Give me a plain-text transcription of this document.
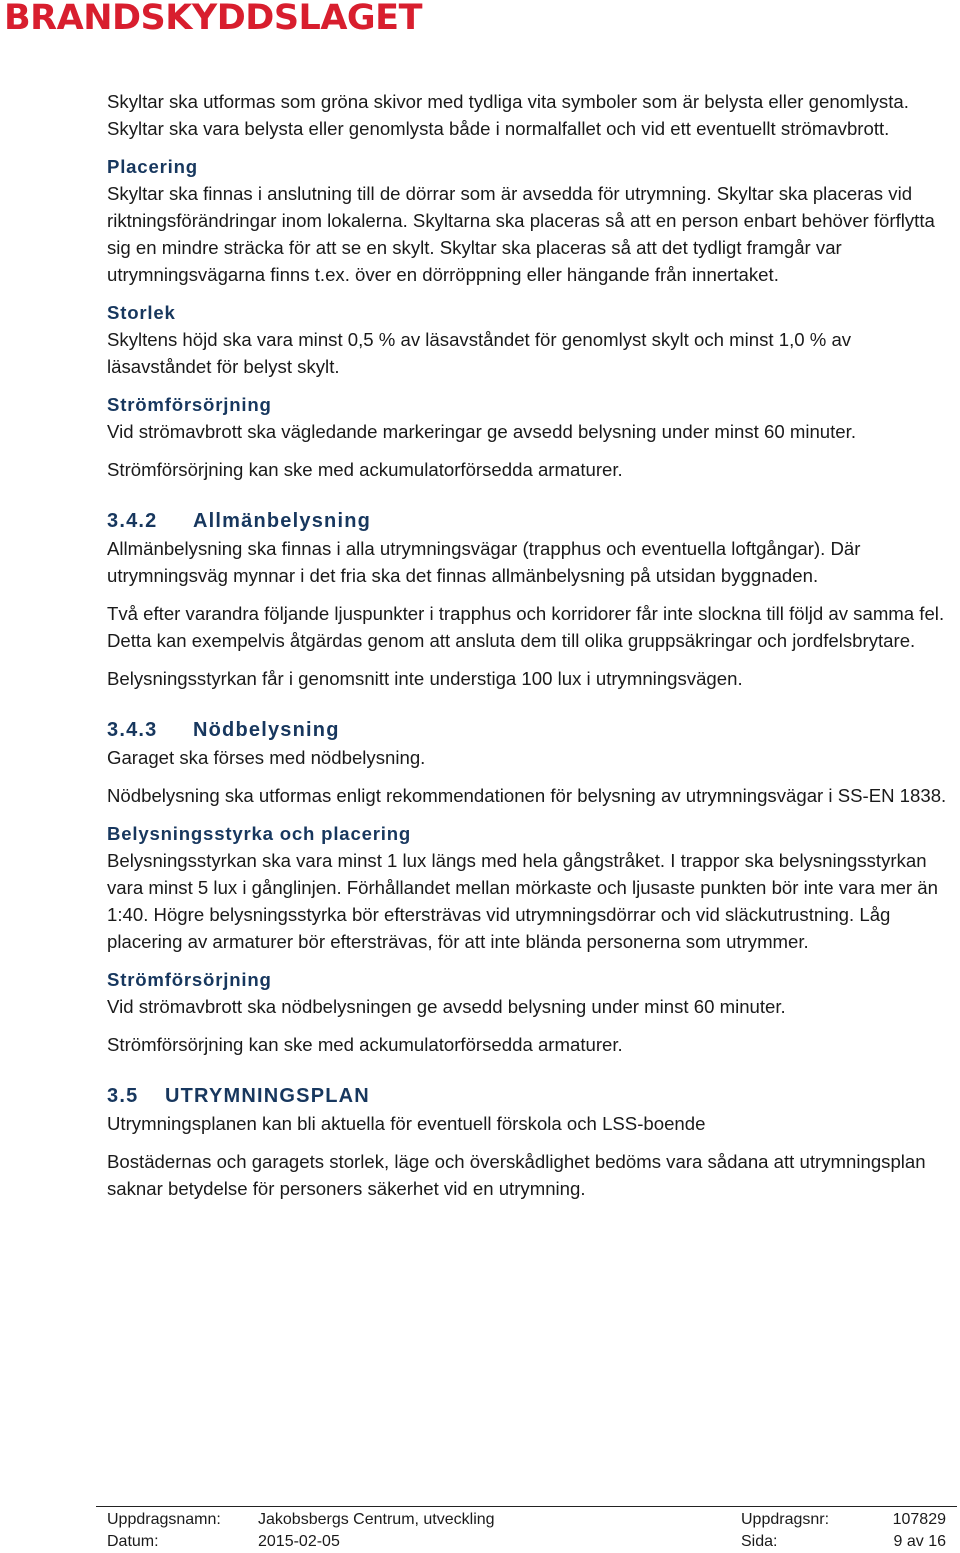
BRANDSKYDDSLAGET

Skyltar ska utformas som gröna skivor med tydliga vita symboler som är belysta eller genomlysta. Skyltar ska vara belysta eller genomlysta både i normalfallet och vid ett eventuellt strömavbrott.

Placering

Skyltar ska finnas i anslutning till de dörrar som är avsedda för utrymning. Skyltar ska placeras vid riktningsförändringar inom lokalerna. Skyltarna ska placeras så att en person enbart behöver förflytta sig en mindre sträcka för att se en skylt. Skyltar ska placeras så att det tydligt framgår var utrymningsvägarna finns t.ex. över en dörröppning eller hängande från innertaket.

Storlek

Skyltens höjd ska vara minst 0,5 % av läsavståndet för genomlyst skylt och minst 1,0 % av läsavståndet för belyst skylt.

Strömförsörjning

Vid strömavbrott ska vägledande markeringar ge avsedd belysning under minst 60 minuter.

Strömförsörjning kan ske med ackumulatorförsedda armaturer.

3.4.2 Allmänbelysning

Allmänbelysning ska finnas i alla utrymningsvägar (trapphus och eventuella loftgångar). Där utrymningsväg mynnar i det fria ska det finnas allmänbelysning på utsidan byggnaden.

Två efter varandra följande ljuspunkter i trapphus och korridorer får inte slockna till följd av samma fel. Detta kan exempelvis åtgärdas genom att ansluta dem till olika gruppsäkringar och jordfelsbrytare.

Belysningsstyrkan får i genomsnitt inte understiga 100 lux i utrymningsvägen.

3.4.3 Nödbelysning

Garaget ska förses med nödbelysning.

Nödbelysning ska utformas enligt rekommendationen för belysning av utrymningsvägar i SS-EN 1838.

Belysningsstyrka och placering

Belysningsstyrkan ska vara minst 1 lux längs med hela gångstråket. I trappor ska belysningsstyrkan vara minst 5 lux i gånglinjen. Förhållandet mellan mörkaste och ljusaste punkten bör inte vara mer än 1:40. Högre belysningsstyrka bör eftersträvas vid utrymningsdörrar och vid släckutrustning. Låg placering av armaturer bör eftersträvas, för att inte blända personerna som utrymmer.

Strömförsörjning

Vid strömavbrott ska nödbelysningen ge avsedd belysning under minst 60 minuter.

Strömförsörjning kan ske med ackumulatorförsedda armaturer.

3.5 UTRYMNINGSPLAN

Utrymningsplanen kan bli aktuella för eventuell förskola och LSS-boende

Bostädernas och garagets storlek, läge och överskådlighet bedöms vara sådana att utrymningsplan saknar betydelse för personers säkerhet vid en utrymning.

Uppdragsnamn: Jakobsbergs Centrum, utveckling	Uppdragsnr:	107829
Datum:	2015-02-05	Sida:	9 av 16
